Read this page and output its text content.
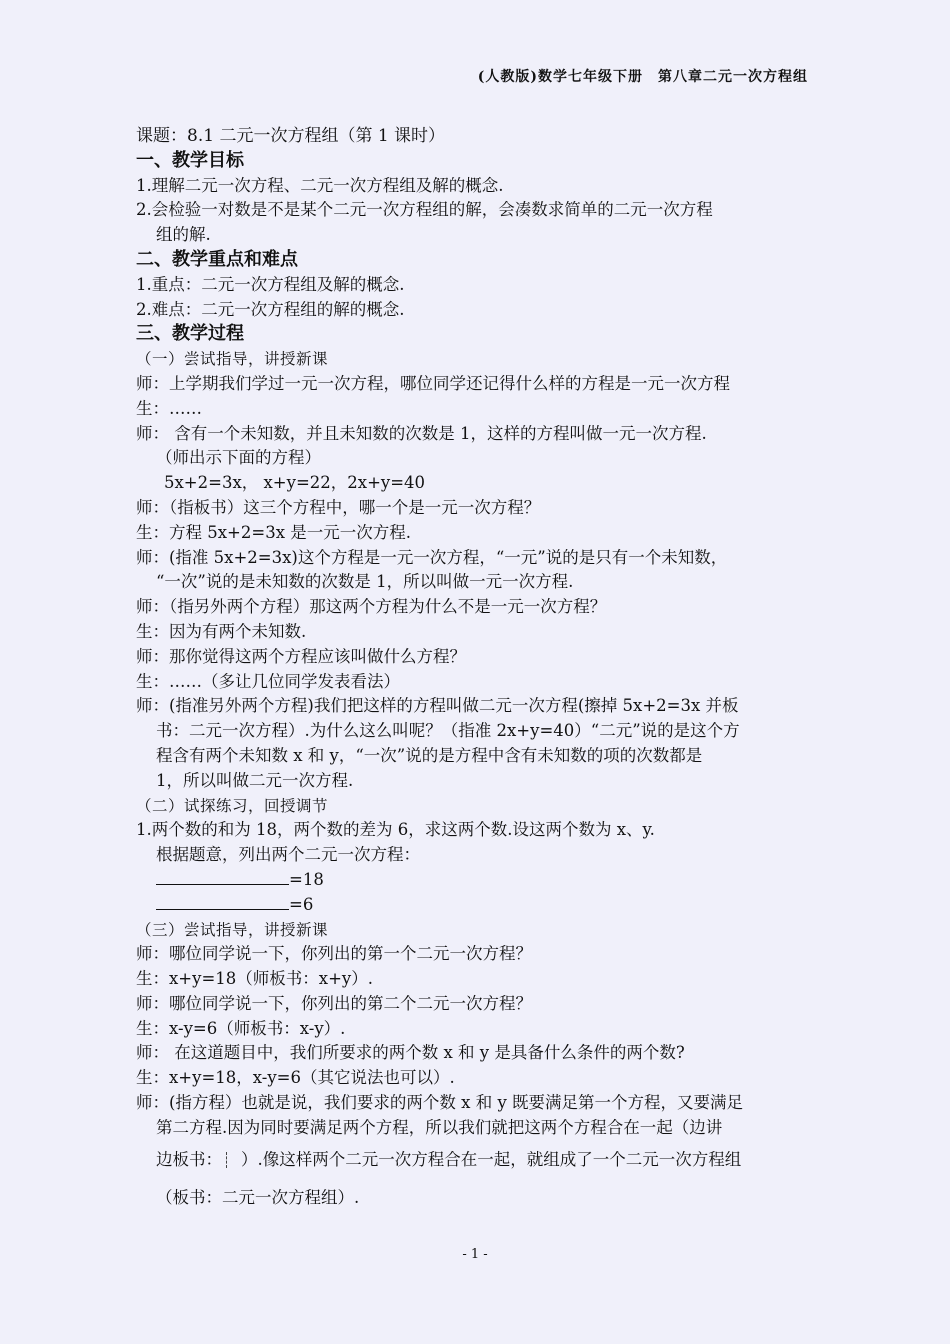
(人教版)数学七年级下册　第八章二元一次方程组
课题：8.1 二元一次方程组（第 1 课时）
一、教学目标
1.理解二元一次方程、二元一次方程组及解的概念.
2.会检验一对数是不是某个二元一次方程组的解，会凑数求简单的二元一次方程
组的解.
二、教学重点和难点
1.重点：二元一次方程组及解的概念.
2.难点：二元一次方程组的解的概念.
三、教学过程
（一）尝试指导，讲授新课
师：上学期我们学过一元一次方程，哪位同学还记得什么样的方程是一元一次方程
生：……
师： 含有一个未知数，并且未知数的次数是 1，这样的方程叫做一元一次方程.
（师出示下面的方程）
5x+2=3x， x+y=22，2x+y=40
师：（指板书）这三个方程中，哪一个是一元一次方程？
生：方程 5x+2=3x 是一元一次方程.
师：(指准 5x+2=3x)这个方程是一元一次方程，“一元”说的是只有一个未知数，
“一次”说的是未知数的次数是 1，所以叫做一元一次方程.
师：（指另外两个方程）那这两个方程为什么不是一元一次方程？
生：因为有两个未知数.
师：那你觉得这两个方程应该叫做什么方程？
生：……（多让几位同学发表看法）
师：(指准另外两个方程)我们把这样的方程叫做二元一次方程(擦掉 5x+2=3x 并板
书：二元一次方程）.为什么这么叫呢？（指准 2x+y=40）“二元”说的是这个方
程含有两个未知数 x 和 y，“一次”说的是方程中含有未知数的项的次数都是
1，所以叫做二元一次方程.
（二）试探练习，回授调节
1.两个数的和为 18，两个数的差为 6，求这两个数.设这两个数为 x、y.
根据题意，列出两个二元一次方程：
=18
=6
（三）尝试指导，讲授新课
师：哪位同学说一下，你列出的第一个二元一次方程？
生：x+y=18（师板书：x+y）.
师：哪位同学说一下，你列出的第二个二元一次方程？
生：x-y=6（师板书：x-y）.
师： 在这道题目中，我们所要求的两个数 x 和 y 是具备什么条件的两个数?
生：x+y=18，x-y=6（其它说法也可以）.
师：(指方程）也就是说，我们要求的两个数 x 和 y 既要满足第一个方程，又要满足
第二方程.因为同时要满足两个方程，所以我们就把这两个方程合在一起（边讲
边板书： ）.像这样两个二元一次方程合在一起，就组成了一个二元一次方程组
（板书：二元一次方程组）.
- 1 -
